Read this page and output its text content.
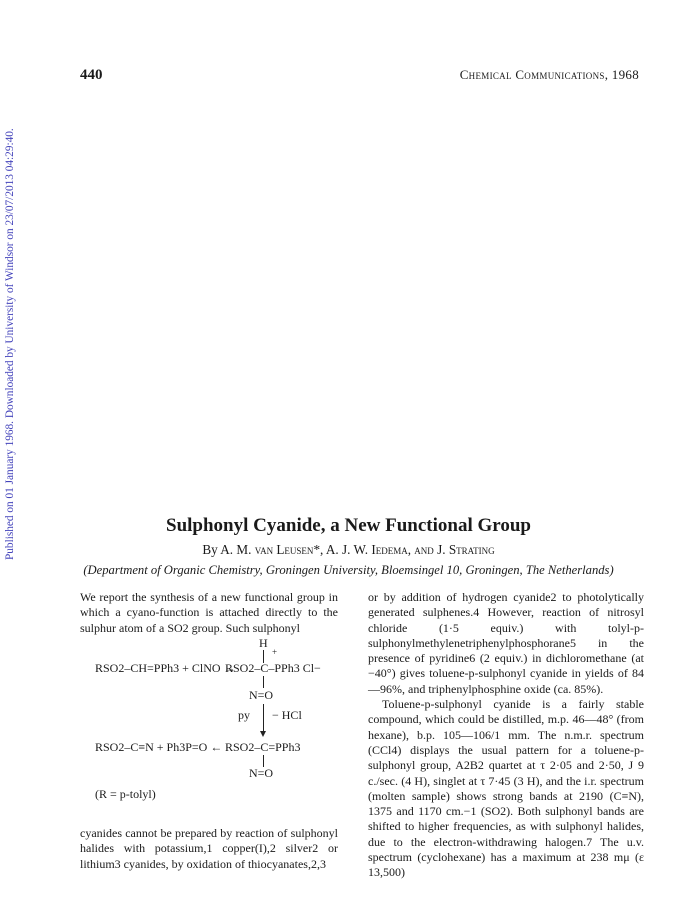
440	Chemical Communications, 1968
Published on 01 January 1968. Downloaded by University of Windsor on 23/07/2013 04:29:40.	Sulphonyl Cyanide, a New Functional Group
By A. M. van Leusen*, A. J. W. Iedema, and J. Strating
(Department of Organic Chemistry, Groningen University, Bloemsingel 10, Groningen, The Netherlands)

We report the synthesis of a new functional group in which a cyano-function is attached directly to the sulphur atom of a SO2 group. Such sulphonyl

H
+
RSO2–CH=PPh3 + ClNO →
RSO2–C–PPh3 Cl−
N=O
py − HCl
RSO2–C≡N + Ph3P=O ← RSO2–C=PPh3
N=O
(R = p-tolyl)

cyanides cannot be prepared by reaction of sulphonyl halides with potassium,1 copper(I),2 silver2 or lithium3 cyanides, by oxidation of thiocyanates,2,3

or by addition of hydrogen cyanide2 to photolytically generated sulphenes.4 However, reaction of nitrosyl chloride (1·5 equiv.) with tolyl-p-sulphonylmethylenetriphenylphosphorane5 in the presence of pyridine6 (2 equiv.) in dichloromethane (at −40°) gives toluene-p-sulphonyl cyanide in yields of 84—96%, and triphenylphosphine oxide (ca. 85%).

Toluene-p-sulphonyl cyanide is a fairly stable compound, which could be distilled, m.p. 46—48° (from hexane), b.p. 105—106/1 mm. The n.m.r. spectrum (CCl4) displays the usual pattern for a toluene-p-sulphonyl group, A2B2 quartet at τ 2·05 and 2·50, J 9 c./sec. (4 H), singlet at τ 7·45 (3 H), and the i.r. spectrum (molten sample) shows strong bands at 2190 (C≡N), 1375 and 1170 cm.−1 (SO2). Both sulphonyl bands are shifted to higher frequencies, as with sulphonyl halides, due to the electron-withdrawing halogen.7 The u.v. spectrum (cyclohexane) has a maximum at 238 mμ (ε 13,500)
